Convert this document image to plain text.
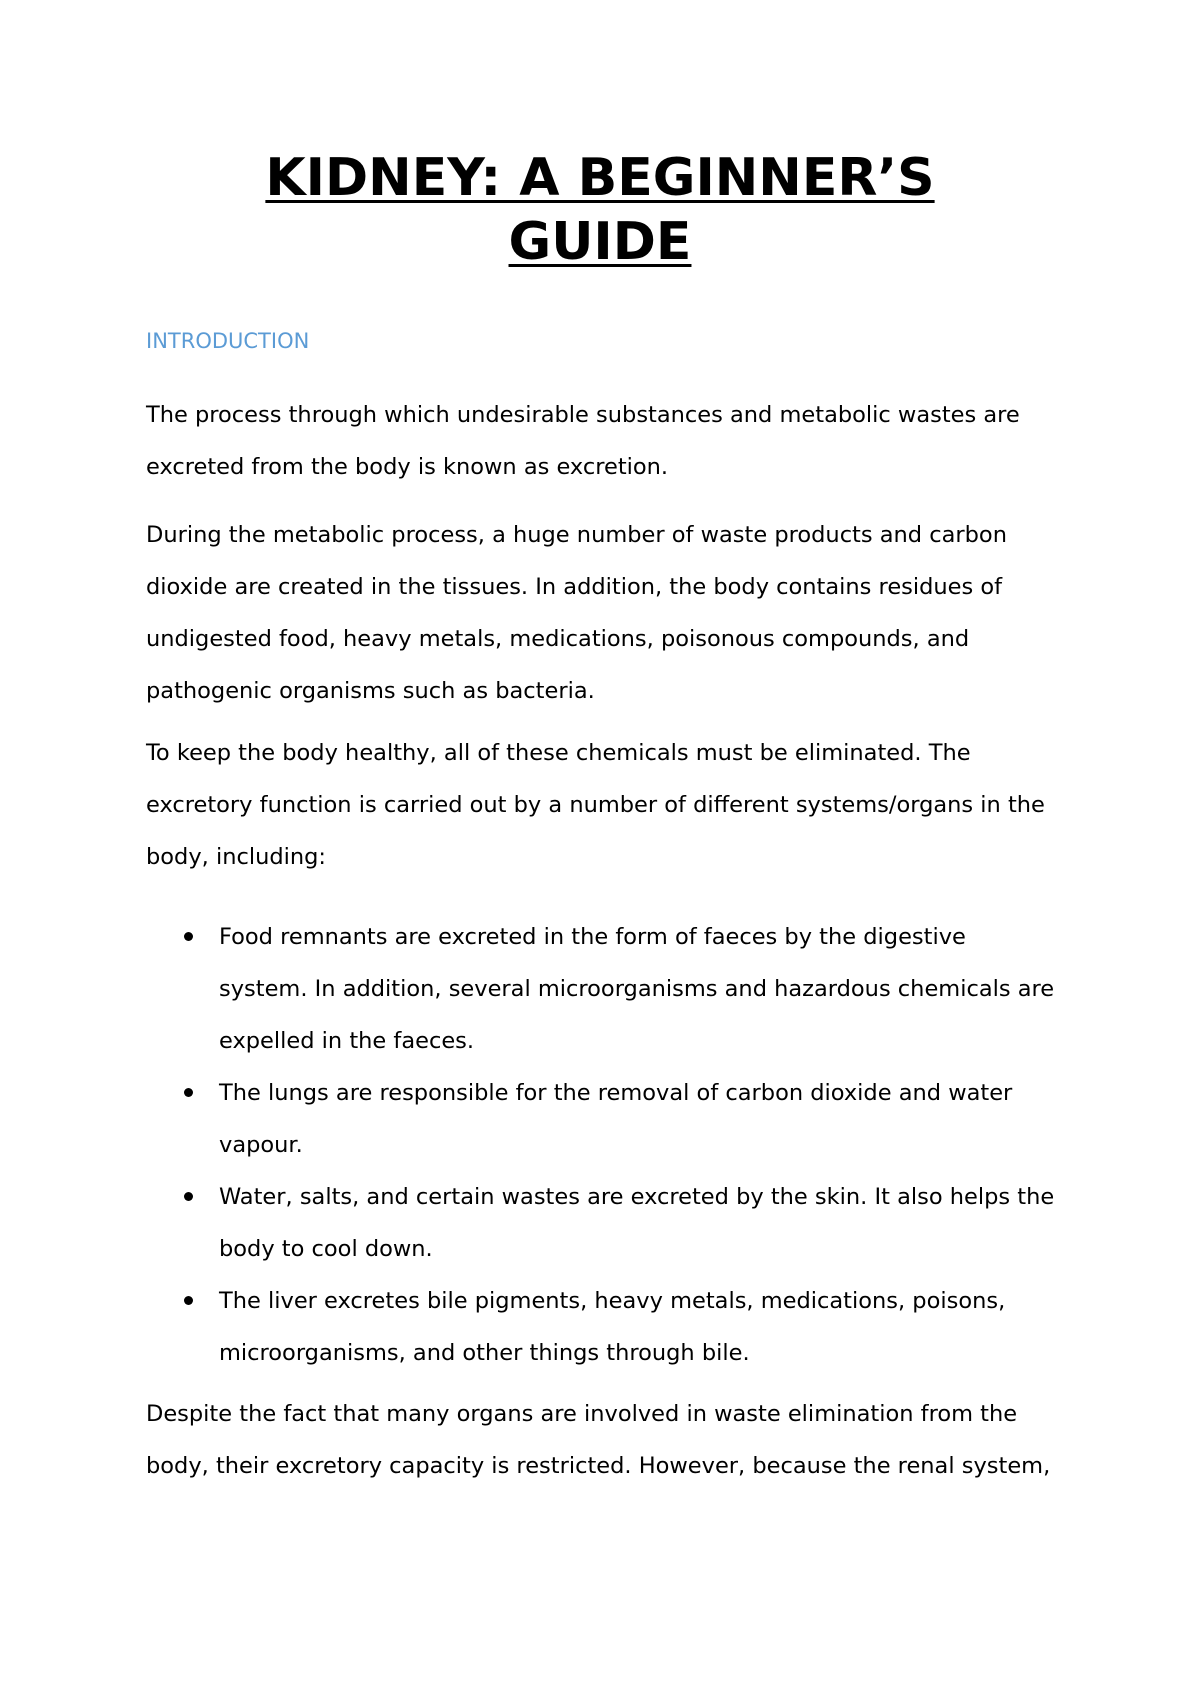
KIDNEY: A BEGINNER’S
GUIDE
INTRODUCTION

The process through which undesirable substances and metabolic wastes are
excreted from the body is known as excretion.

During the metabolic process, a huge number of waste products and carbon
dioxide are created in the tissues. In addition, the body contains residues of
undigested food, heavy metals, medications, poisonous compounds, and
pathogenic organisms such as bacteria.

To keep the body healthy, all of these chemicals must be eliminated. The
excretory function is carried out by a number of different systems/organs in the
body, including:

Food remnants are excreted in the form of faeces by the digestive
system. In addition, several microorganisms and hazardous chemicals are
expelled in the faeces.
The lungs are responsible for the removal of carbon dioxide and water
vapour.
Water, salts, and certain wastes are excreted by the skin. It also helps the
body to cool down.
The liver excretes bile pigments, heavy metals, medications, poisons,
microorganisms, and other things through bile.

Despite the fact that many organs are involved in waste elimination from the
body, their excretory capacity is restricted. However, because the renal system,
